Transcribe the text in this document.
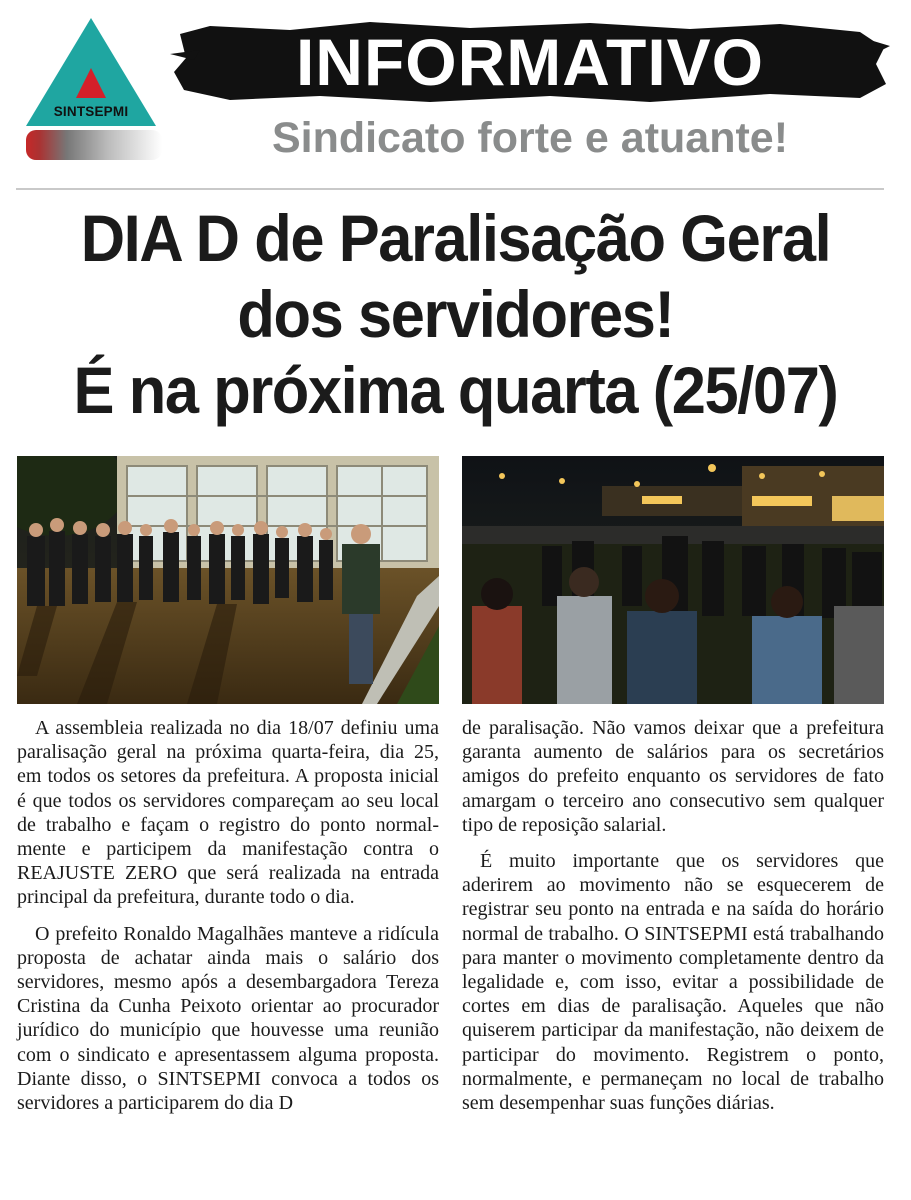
SINTSEPMI
INFORMATIVO
Sindicato forte e atuante!
DIA D de Paralisação Geral
dos servidores!
É na próxima quarta (25/07)

A assembleia realizada no dia 18/07 definiu uma paralisação geral na próxima quarta-feira, dia 25, em todos os setores da prefeitura. A proposta inicial é que todos os servidores compareçam ao seu local de trabalho e façam o registro do ponto normalmente e participem da manifestação contra o REAJUSTE ZERO que será realizada na entrada principal da prefeitura, durante todo o dia.

O prefeito Ronaldo Magalhães manteve a ridícula proposta de achatar ainda mais o salário dos servidores, mesmo após a desembargadora Tereza Cristina da Cunha Peixoto orientar ao procurador jurídico do município que houvesse uma reunião com o sindicato e apresentassem alguma proposta. Diante disso, o SINTSEPMI convoca a todos os servidores a participarem do dia D

de paralisação. Não vamos deixar que a prefeitura garanta aumento de salários para os secretários amigos do prefeito enquanto os servidores de fato amargam o terceiro ano consecutivo sem qualquer tipo de reposição salarial.

É muito importante que os servidores que aderirem ao movimento não se esquecerem de registrar seu ponto na entrada e na saída do horário normal de trabalho. O SINTSEPMI está trabalhando para manter o movimento completamente dentro da legalidade e, com isso, evitar a possibilidade de cortes em dias de paralisação. Aqueles que não quiserem participar da manifestação, não deixem de participar do movimento. Registrem o ponto, normalmente, e permaneçam no local de trabalho sem desempenhar suas funções diárias.
